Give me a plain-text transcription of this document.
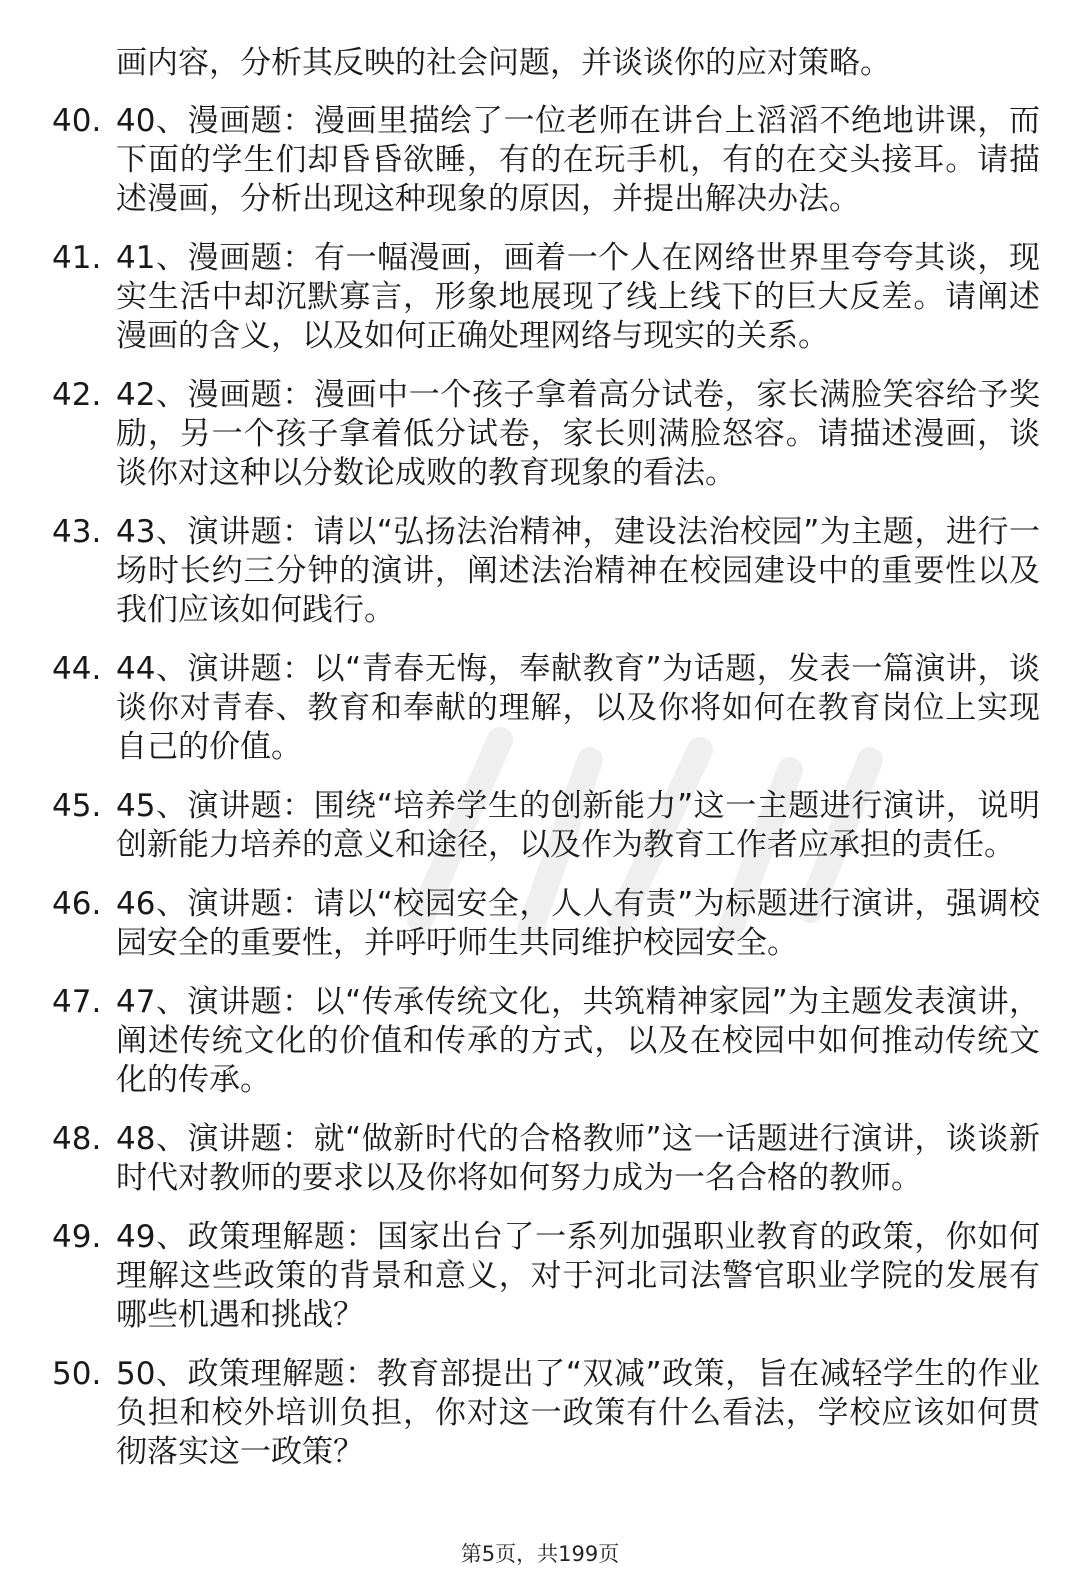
画内容，分析其反映的社会问题，并谈谈你的应对策略。

40. 40、漫画题：漫画里描绘了一位老师在讲台上滔滔不绝地讲课，而下面的学生们却昏昏欲睡，有的在玩手机，有的在交头接耳。请描述漫画，分析出现这种现象的原因，并提出解决办法。
41. 41、漫画题：有一幅漫画，画着一个人在网络世界里夸夸其谈，现实生活中却沉默寡言，形象地展现了线上线下的巨大反差。请阐述漫画的含义，以及如何正确处理网络与现实的关系。
42. 42、漫画题：漫画中一个孩子拿着高分试卷，家长满脸笑容给予奖励，另一个孩子拿着低分试卷，家长则满脸怒容。请描述漫画，谈谈你对这种以分数论成败的教育现象的看法。
43. 43、演讲题：请以“弘扬法治精神，建设法治校园”为主题，进行一场时长约三分钟的演讲，阐述法治精神在校园建设中的重要性以及我们应该如何践行。
44. 44、演讲题：以“青春无悔，奉献教育”为话题，发表一篇演讲，谈谈你对青春、教育和奉献的理解，以及你将如何在教育岗位上实现自己的价值。
45. 45、演讲题：围绕“培养学生的创新能力”这一主题进行演讲，说明创新能力培养的意义和途径，以及作为教育工作者应承担的责任。
46. 46、演讲题：请以“校园安全，人人有责”为标题进行演讲，强调校园安全的重要性，并呼吁师生共同维护校园安全。
47. 47、演讲题：以“传承传统文化，共筑精神家园”为主题发表演讲，阐述传统文化的价值和传承的方式，以及在校园中如何推动传统文化的传承。
48. 48、演讲题：就“做新时代的合格教师”这一话题进行演讲，谈谈新时代对教师的要求以及你将如何努力成为一名合格的教师。
49. 49、政策理解题：国家出台了一系列加强职业教育的政策，你如何理解这些政策的背景和意义，对于河北司法警官职业学院的发展有哪些机遇和挑战？
50. 50、政策理解题：教育部提出了“双减”政策，旨在减轻学生的作业负担和校外培训负担，你对这一政策有什么看法，学校应该如何贯彻落实这一政策？
第5页，共199页
